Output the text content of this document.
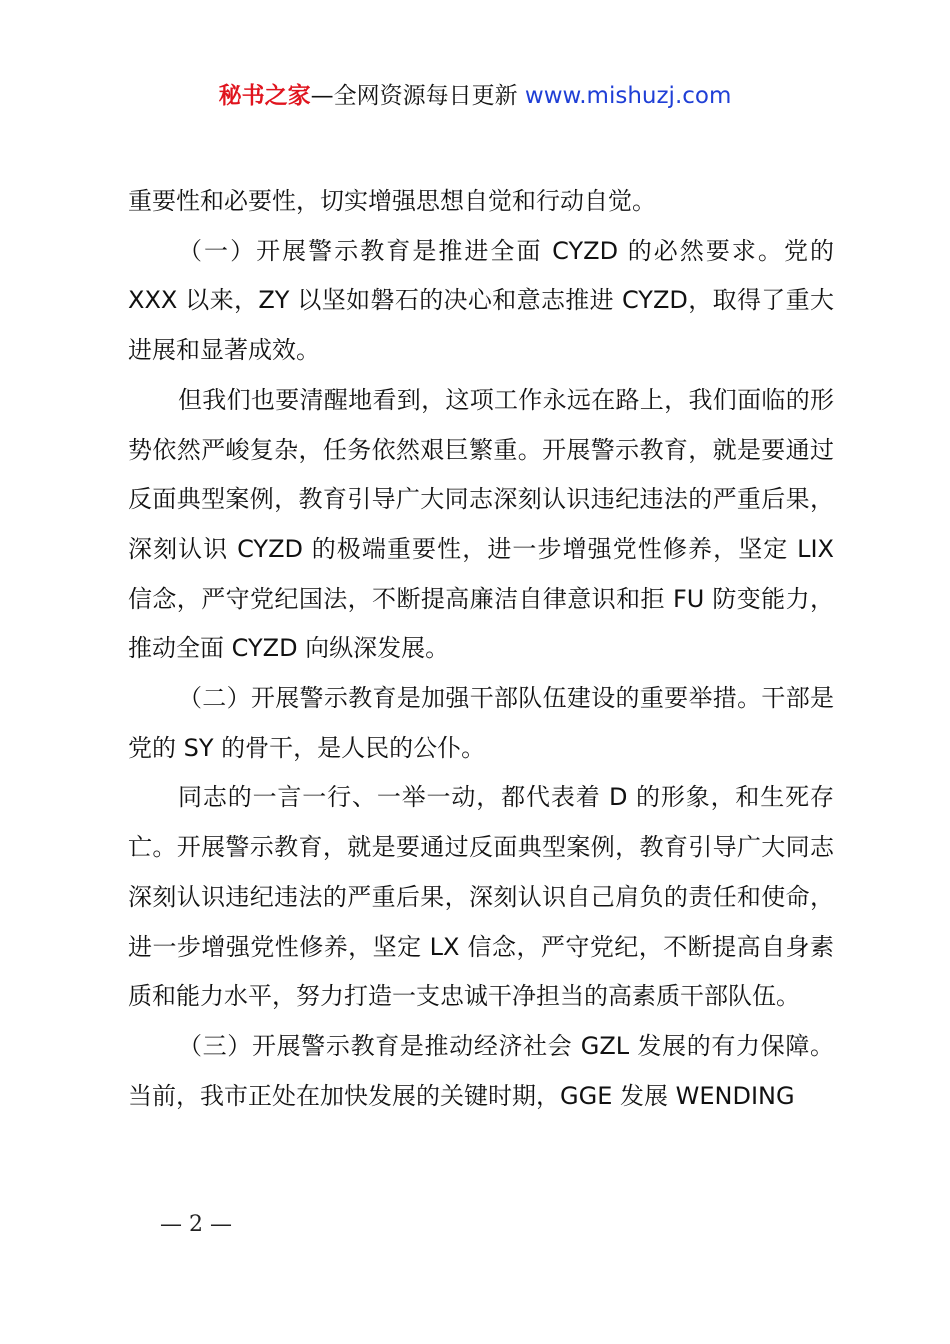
秘书之家—全网资源每日更新 www.mishuzj.com

重要性和必要性，切实增强思想自觉和行动自觉。

（一）开展警示教育是推进全面 CYZD 的必然要求。党的 XXX 以来，ZY 以坚如磐石的决心和意志推进 CYZD，取得了重大进展和显著成效。

但我们也要清醒地看到，这项工作永远在路上，我们面临的形势依然严峻复杂，任务依然艰巨繁重。开展警示教育，就是要通过反面典型案例，教育引导广大同志深刻认识违纪违法的严重后果，深刻认识 CYZD 的极端重要性，进一步增强党性修养，坚定 LIX 信念，严守党纪国法，不断提高廉洁自律意识和拒 FU 防变能力，推动全面 CYZD 向纵深发展。

（二）开展警示教育是加强干部队伍建设的重要举措。干部是党的 SY 的骨干，是人民的公仆。

同志的一言一行、一举一动，都代表着 D 的形象，和生死存亡。开展警示教育，就是要通过反面典型案例，教育引导广大同志深刻认识违纪违法的严重后果，深刻认识自己肩负的责任和使命，进一步增强党性修养，坚定 LX 信念，严守党纪，不断提高自身素质和能力水平，努力打造一支忠诚干净担当的高素质干部队伍。

（三）开展警示教育是推动经济社会 GZL 发展的有力保障。当前，我市正处在加快发展的关键时期，GGE 发展 WENDING

— 2 —
